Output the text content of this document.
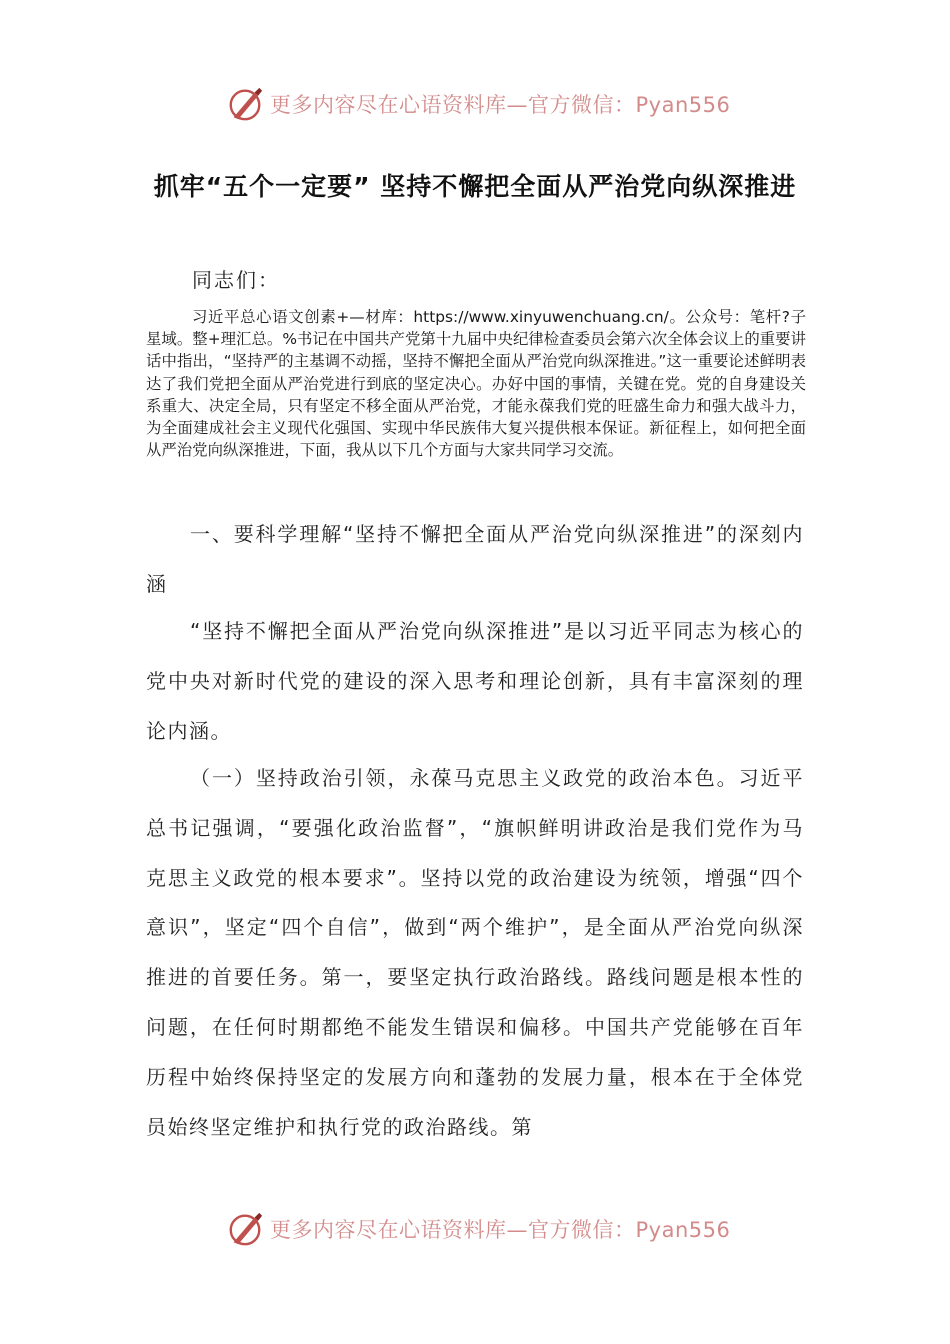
更多内容尽在心语资料库—官方微信：Pyan556
抓牢“五个一定要” 坚持不懈把全面从严治党向纵深推进
同志们：

习近平总心语文创素+—材库：https://www.xinyuwenchuang.cn/。公众号：笔杆?子星域。整+理汇总。%书记在中国共产党第十九届中央纪律检查委员会第六次全体会议上的重要讲话中指出，“坚持严的主基调不动摇，坚持不懈把全面从严治党向纵深推进。”这一重要论述鲜明表达了我们党把全面从严治党进行到底的坚定决心。办好中国的事情，关键在党。党的自身建设关系重大、决定全局，只有坚定不移全面从严治党，才能永葆我们党的旺盛生命力和强大战斗力，为全面建成社会主义现代化强国、实现中华民族伟大复兴提供根本保证。新征程上，如何把全面从严治党向纵深推进，下面，我从以下几个方面与大家共同学习交流。

一、要科学理解“坚持不懈把全面从严治党向纵深推进”的深刻内涵

“坚持不懈把全面从严治党向纵深推进”是以习近平同志为核心的党中央对新时代党的建设的深入思考和理论创新，具有丰富深刻的理论内涵。

（一）坚持政治引领，永葆马克思主义政党的政治本色。习近平总书记强调，“要强化政治监督”，“旗帜鲜明讲政治是我们党作为马克思主义政党的根本要求”。坚持以党的政治建设为统领，增强“四个意识”，坚定“四个自信”，做到“两个维护”，是全面从严治党向纵深推进的首要任务。第一，要坚定执行政治路线。路线问题是根本性的问题，在任何时期都绝不能发生错误和偏移。中国共产党能够在百年历程中始终保持坚定的发展方向和蓬勃的发展力量，根本在于全体党员始终坚定维护和执行党的政治路线。第

更多内容尽在心语资料库—官方微信：Pyan556
